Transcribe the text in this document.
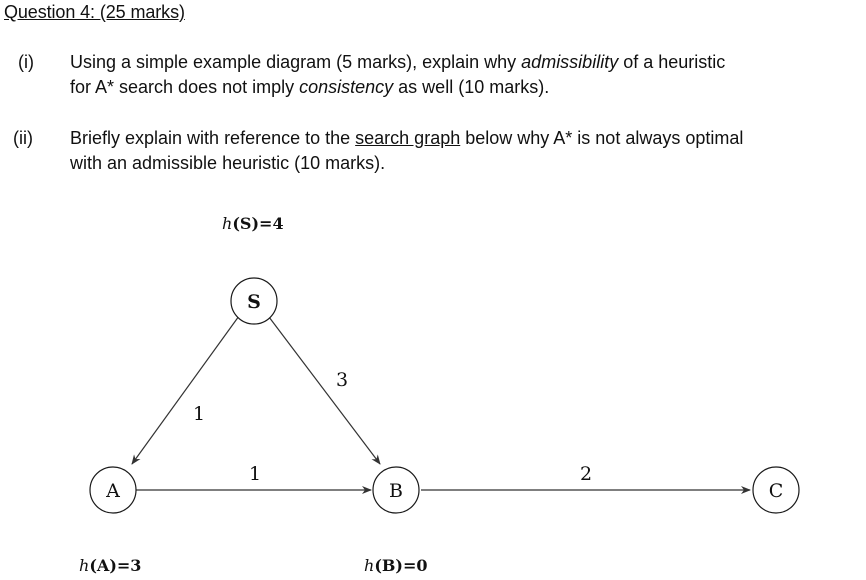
Question 4: (25 marks)
(i) Using a simple example diagram (5 marks), explain why admissibility of a heuristic
for A* search does not imply consistency as well (10 marks).
(ii) Briefly explain with reference to the search graph below why A* is not always optimal
with an admissible heuristic (10 marks).
1
3
1	2
S
A	B	C
h(S)=4
h(A)=3	h(B)=0
